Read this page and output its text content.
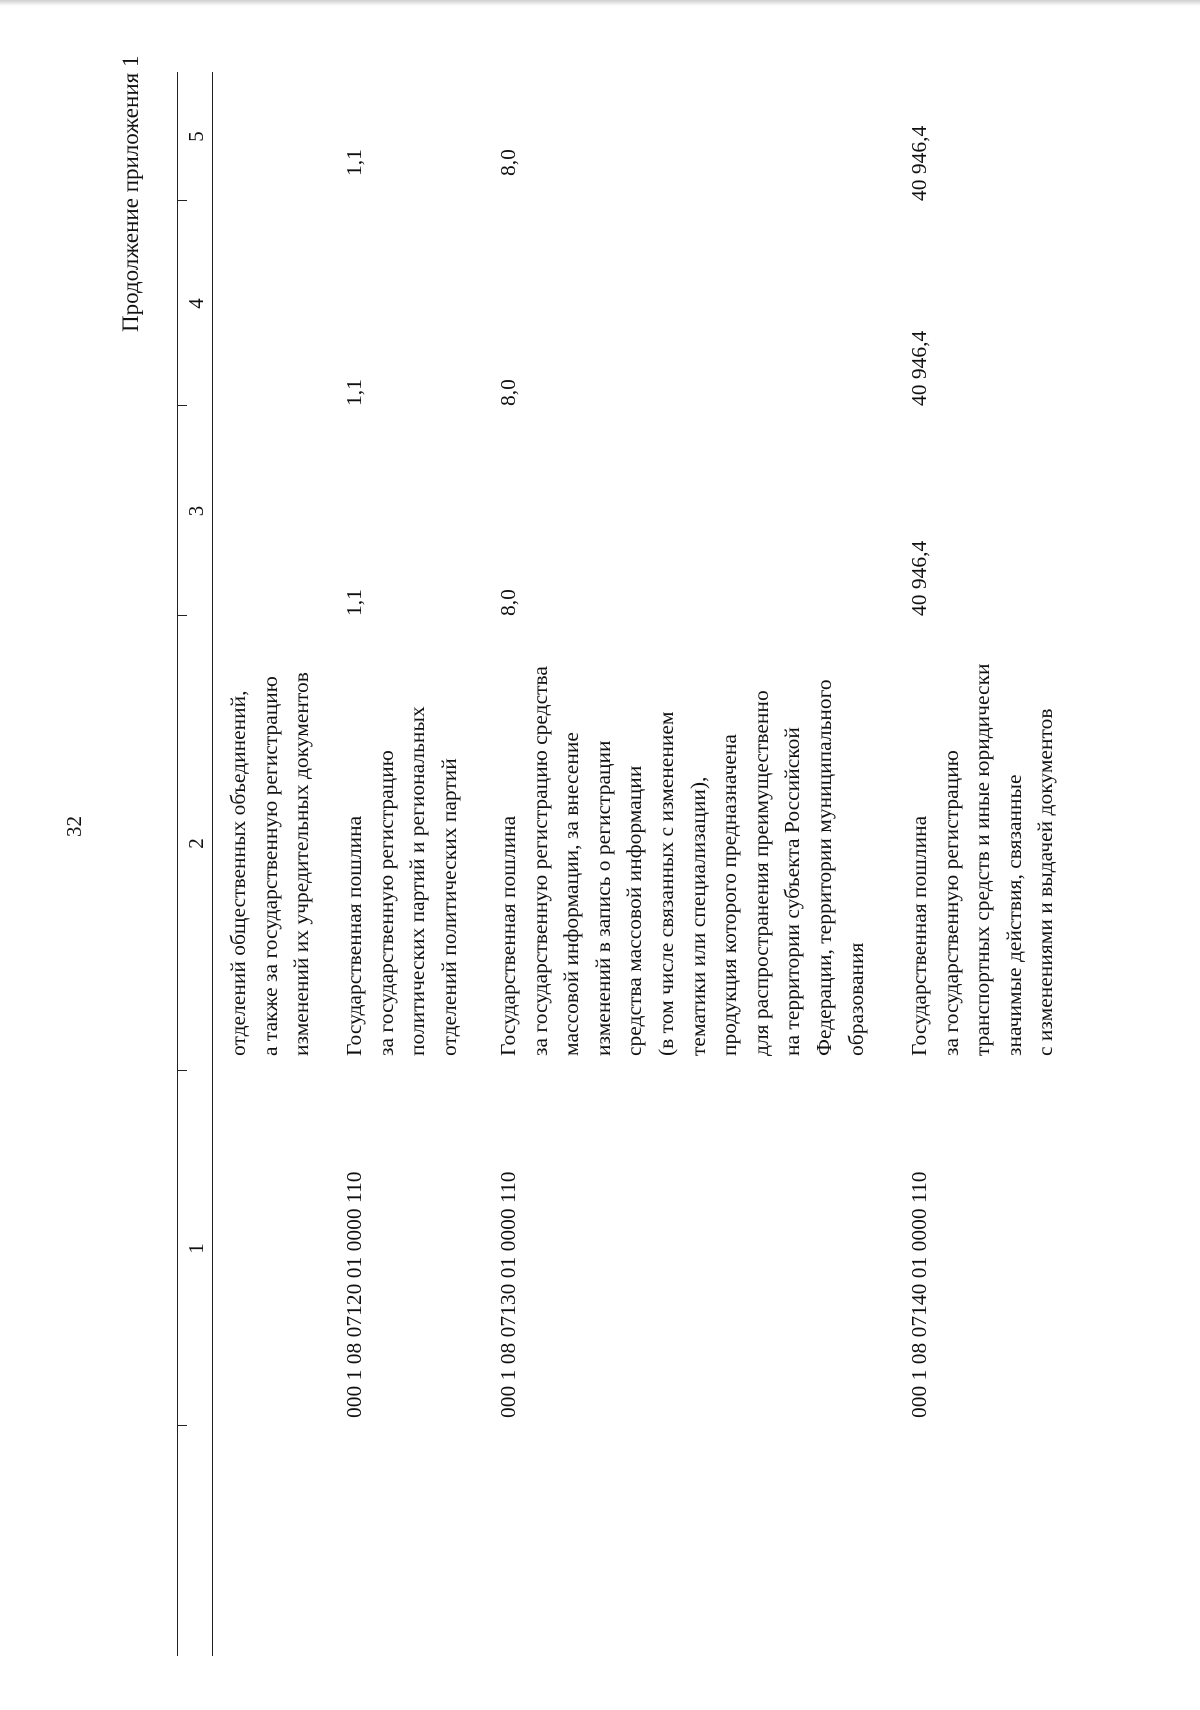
32
Продолжение приложения 1
1
2
3
4
5
отделений общественных объединений, а также за государственную регистрацию изменений их учредительных документов
000 1 08 07120 01 0000 110
Государственная пошлина за государственную регистрацию политических партий и региональных отделений политических партий
1,1
1,1
1,1
000 1 08 07130 01 0000 110
Государственная пошлина за государственную регистрацию средства массовой информации, за внесение изменений в запись о регистрации средства массовой информации (в том числе связанных с изменением тематики или специализации), продукция которого предназначена для распространения преимущественно на территории субъекта Российской Федерации, территории муниципального образования
8,0
8,0
8,0
000 1 08 07140 01 0000 110
Государственная пошлина за государственную регистрацию транспортных средств и иные юридически значимые действия, связанные с изменениями и выдачей документов
40 946,4
40 946,4
40 946,4
